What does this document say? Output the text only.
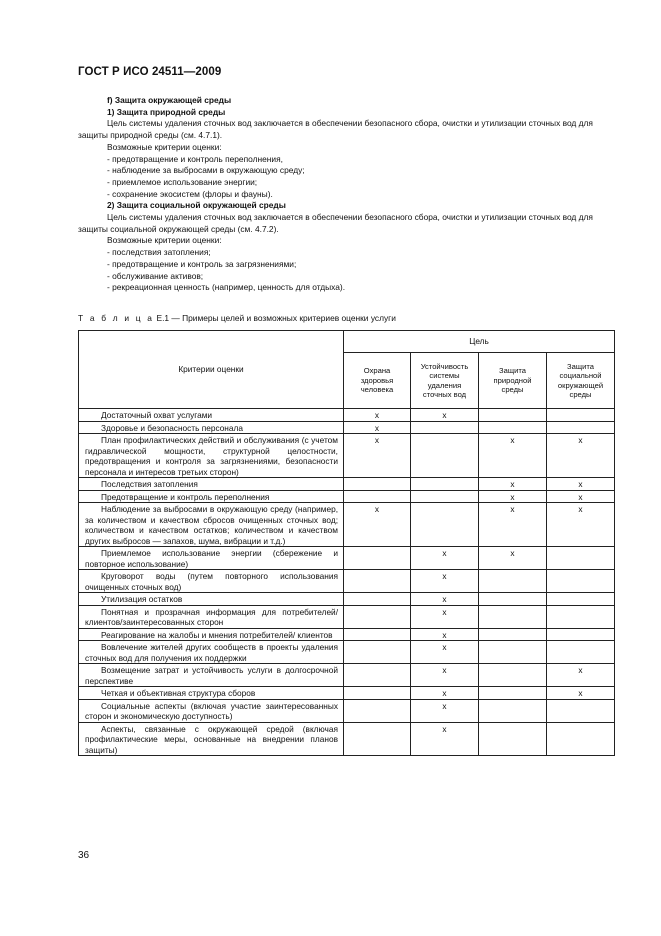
ГОСТ Р ИСО 24511—2009

f) Защита окружающей среды

1) Защита природной среды

Цель системы удаления сточных вод заключается в обеспечении безопасного сбора, очистки и утилизации сточных вод для защиты природной среды (см. 4.7.1).

Возможные критерии оценки:

- предотвращение и контроль переполнения,

- наблюдение за выбросами в окружающую среду;

- приемлемое использование энергии;

- сохранение экосистем (флоры и фауны).

2) Защита социальной окружающей среды

Цель системы удаления сточных вод заключается в обеспечении безопасного сбора, очистки и утилизации сточных вод для защиты социальной окружающей среды (см. 4.7.2).

Возможные критерии оценки:

- последствия затопления;

- предотвращение и контроль за загрязнениями;

- обслуживание активов;

- рекреационная ценность (например, ценность для отдыха).

Т а б л и ц а Е.1 — Примеры целей и возможных критериев оценки услуги
Критерии оценки	Цель			
	Охрана здоровья человека	Устойчивость системы удаления сточных вод	Защита природной среды	Защита социальной окружающей среды

Достаточный охват услугами	x	x		

Здоровье и безопасность персонала	x			

План профилактических действий и обслуживания (с учетом гидравлической мощности, структурной целостности, предотвращения и контроля за загрязнениями, безопасности персонала и интересов третьих сторон)	x		x	x

Последствия затопления			x	x

Предотвращение и контроль переполнения			x	x

Наблюдение за выбросами в окружающую среду (например, за количеством и качеством сбросов очищенных сточных вод; количеством и качеством остатков; количеством и качеством других выбросов — запахов, шума, вибрации и т.д.)	x		x	x

Приемлемое использование энергии (сбережение и повторное использование)		x	x	

Круговорот воды (путем повторного использования очищенных сточных вод)		x		

Утилизация остатков		x		

Понятная и прозрачная информация для потребителей/ клиентов/заинтересованных сторон		x		

Реагирование на жалобы и мнения потребителей/ клиентов		x		

Вовлечение жителей других сообществ в проекты удаления сточных вод для получения их поддержки		x		

Возмещение затрат и устойчивость услуги в долгосрочной перспективе		x		x

Четкая и объективная структура сборов		x		x

Социальные аспекты (включая участие заинтересованных сторон и экономическую доступность)		x		

Аспекты, связанные с окружающей средой (включая профилактические меры, основанные на внедрении планов защиты)		x		
36
